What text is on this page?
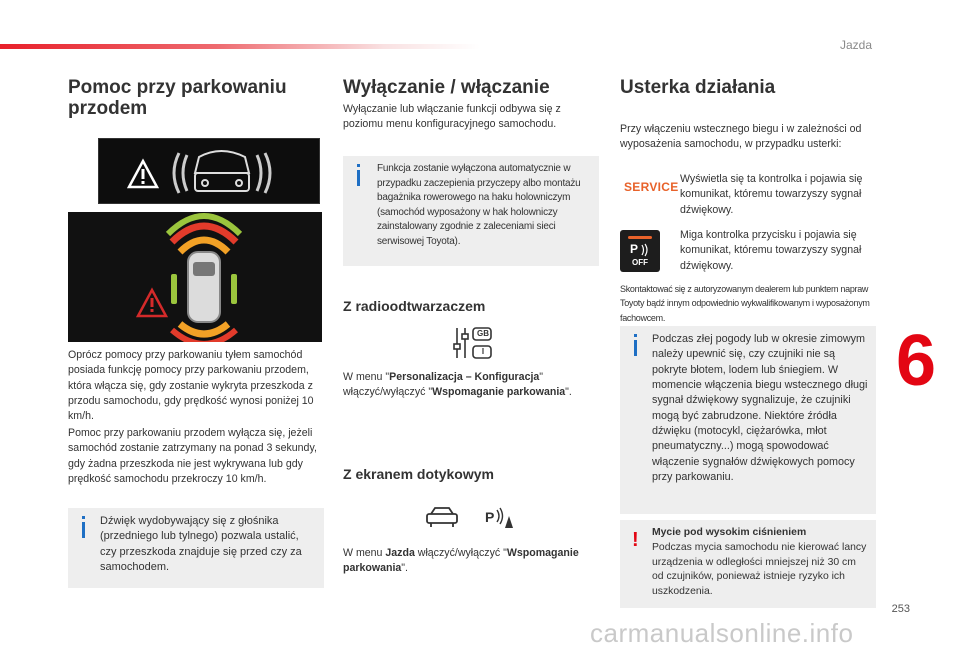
Jazda
253
6
carmanualsonline.info
Pomoc przy parkowaniu przodem

Oprócz pomocy przy parkowaniu tyłem samochód posiada funkcję pomocy przy parkowaniu przodem, która włącza się, gdy zostanie wykryta przeszkoda z przodu samochodu, gdy prędkość wynosi poniżej 10 km/h.

Pomoc przy parkowaniu przodem wyłącza się, jeżeli samochód zostanie zatrzymany na ponad 3 sekundy, gdy żadna przeszkoda nie jest wykrywana lub gdy prędkość samochodu przekroczy 10 km/h.

Dźwięk wydobywający się z głośnika (przedniego lub tylnego) pozwala ustalić, czy przeszkoda znajduje się przed czy za samochodem.

Wyłączanie / włączanie

Wyłączanie lub włączanie funkcji odbywa się z poziomu menu konfiguracyjnego samochodu.

Funkcja zostanie wyłączona automatycznie w przypadku zaczepienia przyczepy albo montażu bagażnika rowerowego na haku holowniczym (samochód wyposażony w hak holowniczy zainstalowany zgodnie z zaleceniami sieci serwisowej Toyota).

Z radioodtwarzaczem
GB
I

W menu "Personalizacja – Konfiguracja" włączyć/wyłączyć "Wspomaganie parkowania".

Z ekranem dotykowym
P

W menu Jazda włączyć/wyłączyć "Wspomaganie parkowania".

Usterka działania

Przy włączeniu wstecznego biegu i w zależności od wyposażenia samochodu, w przypadku usterki:

SERVICE

Wyświetla się ta kontrolka i pojawia się komunikat, któremu towarzyszy sygnał dźwiękowy.

P
OFF

Miga kontrolka przycisku i pojawia się komunikat, któremu towarzyszy sygnał dźwiękowy.

Skontaktować się z autoryzowanym dealerem lub punktem napraw Toyoty bądź innym odpowiednio wykwalifikowanym i wyposażonym fachowcem.

Podczas złej pogody lub w okresie zimowym należy upewnić się, czy czujniki nie są pokryte błotem, lodem lub śniegiem. W momencie włączenia biegu wstecznego długi sygnał dźwiękowy sygnalizuje, że czujniki mogą być zabrudzone. Niektóre źródła dźwięku (motocykl, ciężarówka, młot pneumatyczny...) mogą spowodować włączenie sygnałów dźwiękowych pomocy przy parkowaniu.

! Mycie pod wysokim ciśnieniem

Podczas mycia samochodu nie kierować lancy urządzenia w odległości mniejszej niż 30 cm od czujników, ponieważ istnieje ryzyko ich uszkodzenia.
